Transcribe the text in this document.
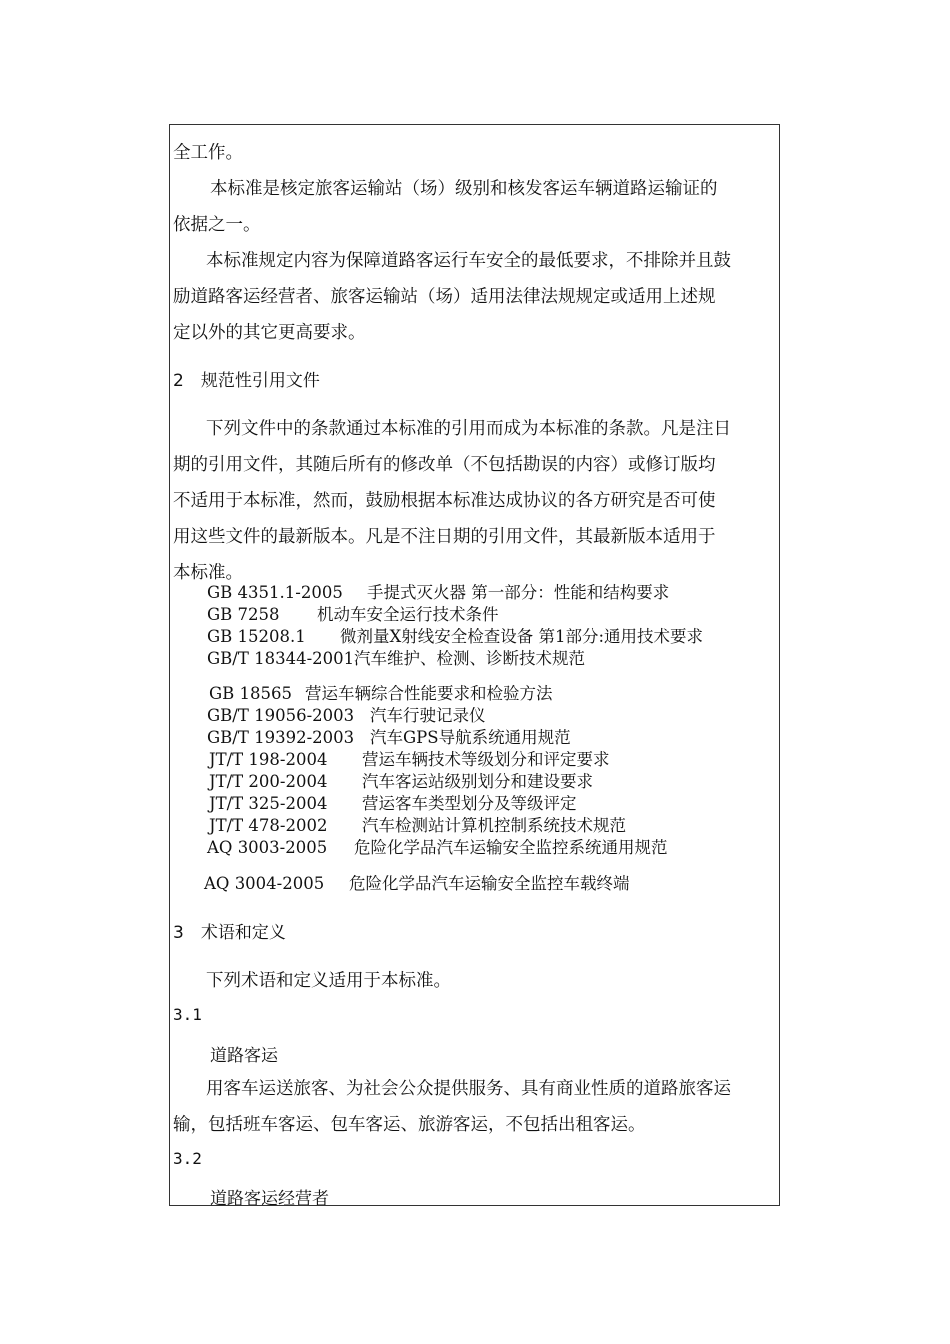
全工作。
本标准是核定旅客运输站（场）级别和核发客运车辆道路运输证的
依据之一。
本标准规定内容为保障道路客运行车安全的最低要求，不排除并且鼓
励道路客运经营者、旅客运输站（场）适用法律法规规定或适用上述规
定以外的其它更高要求。
2　规范性引用文件
下列文件中的条款通过本标准的引用而成为本标准的条款。凡是注日
期的引用文件，其随后所有的修改单（不包括勘误的内容）或修订版均
不适用于本标准，然而，鼓励根据本标准达成协议的各方研究是否可使
用这些文件的最新版本。凡是不注日期的引用文件，其最新版本适用于
本标准。
GB 4351.1-2005 手提式灭火器 第一部分：性能和结构要求
GB 7258 机动车安全运行技术条件
GB 15208.1 微剂量X射线安全检查设备 第1部分:通用技术要求
GB/T 18344-2001 汽车维护、检测、诊断技术规范
GB 18565 营运车辆综合性能要求和检验方法
GB/T 19056-2003 汽车行驶记录仪
GB/T 19392-2003 汽车GPS导航系统通用规范
JT/T 198-2004 营运车辆技术等级划分和评定要求
JT/T 200-2004 汽车客运站级别划分和建设要求
JT/T 325-2004 营运客车类型划分及等级评定
JT/T 478-2002 汽车检测站计算机控制系统技术规范
AQ 3003-2005 危险化学品汽车运输安全监控系统通用规范
AQ 3004-2005 危险化学品汽车运输安全监控车载终端
3　术语和定义
下列术语和定义适用于本标准。
3.1
道路客运
用客车运送旅客、为社会公众提供服务、具有商业性质的道路旅客运
输，包括班车客运、包车客运、旅游客运，不包括出租客运。
3.2
道路客运经营者
